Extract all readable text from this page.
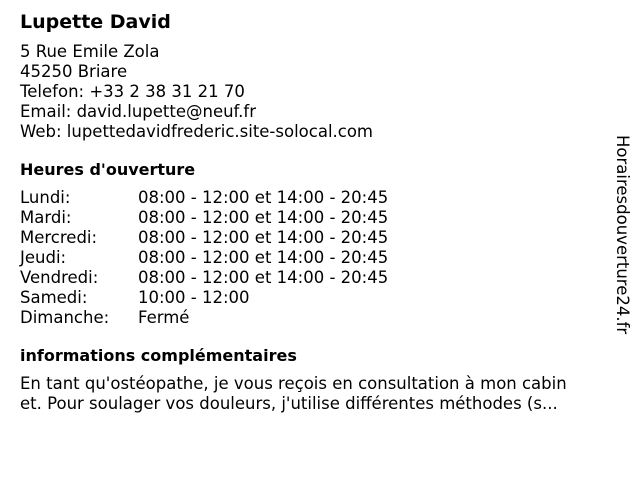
Lupette David
5 Rue Emile Zola
45250 Briare
Telefon: +33 2 38 31 21 70
Email: david.lupette@neuf.fr
Web: lupettedavidfrederic.site-solocal.com
Heures d'ouverture
Lundi:	08:00 - 12:00 et 14:00 - 20:45
Mardi:	08:00 - 12:00 et 14:00 - 20:45
Mercredi:	08:00 - 12:00 et 14:00 - 20:45
Jeudi:	08:00 - 12:00 et 14:00 - 20:45
Vendredi:	08:00 - 12:00 et 14:00 - 20:45
Samedi:	10:00 - 12:00
Dimanche:	Fermé
informations complémentaires
En tant qu'ostéopathe, je vous reçois en consultation à mon cabin
et. Pour soulager vos douleurs, j'utilise différentes méthodes (s...
Horairesdouverture24.fr
